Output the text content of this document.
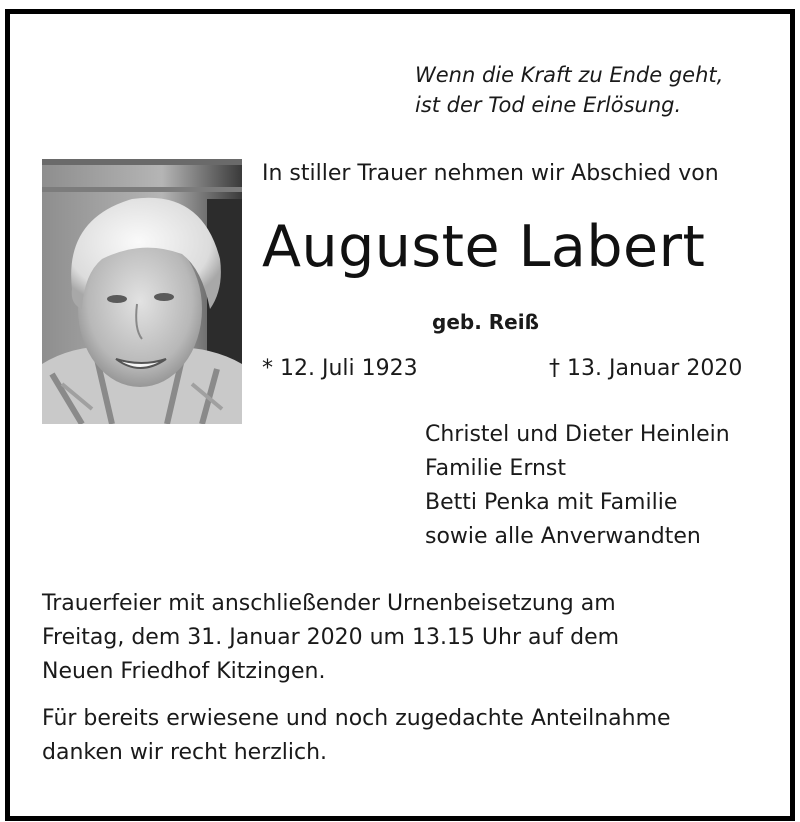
Wenn die Kraft zu Ende geht,
ist der Tod eine Erlösung.
In stiller Trauer nehmen wir Abschied von
Auguste Labert
geb. Reiß
* 12. Juli 1923	† 13. Januar 2020
Christel und Dieter Heinlein
Familie Ernst
Betti Penka mit Familie
sowie alle Anverwandten
Trauerfeier mit anschließender Urnenbeisetzung am
Freitag, dem 31. Januar 2020 um 13.15 Uhr auf dem
Neuen Friedhof Kitzingen.
Für bereits erwiesene und noch zugedachte Anteilnahme
danken wir recht herzlich.
